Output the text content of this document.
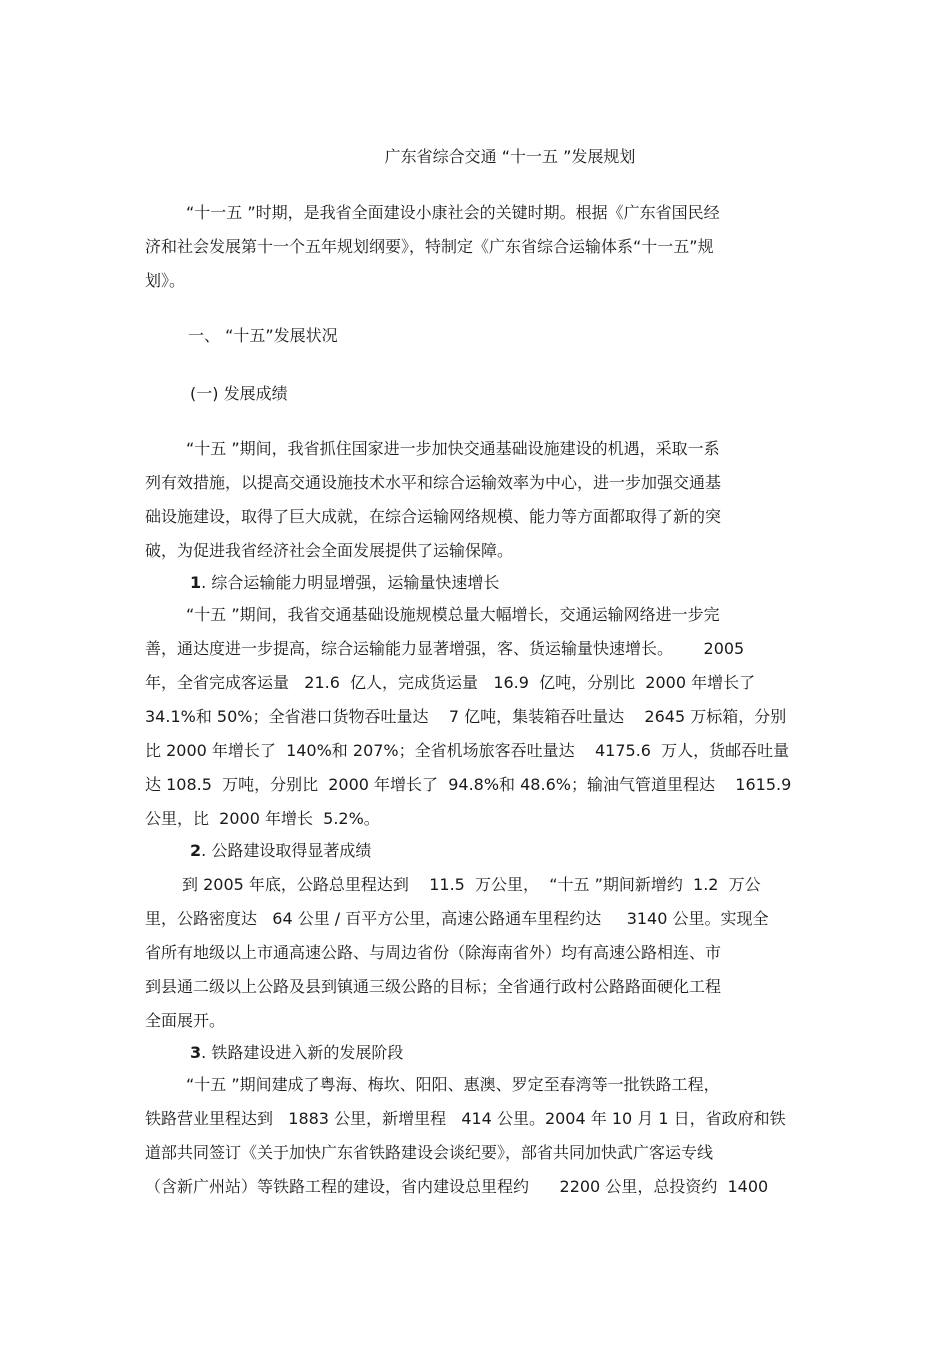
广东省综合交通 “十一五 ”发展规划

“十一五 ”时期，是我省全面建设小康社会的关键时期。根据《广东省国民经

济和社会发展第十一个五年规划纲要》，特制定《广东省综合运输体系“十一五”规

划》。

一、 “十五”发展状况

(一) 发展成绩

“十五 ”期间，我省抓住国家进一步加快交通基础设施建设的机遇，采取一系

列有效措施，以提高交通设施技术水平和综合运输效率为中心，进一步加强交通基

础设施建设，取得了巨大成就，在综合运输网络规模、能力等方面都取得了新的突

破，为促进我省经济社会全面发展提供了运输保障。

1. 综合运输能力明显增强，运输量快速增长

“十五 ”期间，我省交通基础设施规模总量大幅增长，交通运输网络进一步完

善，通达度进一步提高，综合运输能力显著增强，客、货运输量快速增长。      2005

年，全省完成客运量   21.6  亿人，完成货运量   16.9  亿吨，分别比  2000 年增长了

34.1%和 50%；全省港口货物吞吐量达    7 亿吨，集装箱吞吐量达    2645 万标箱，分别

比 2000 年增长了  140%和 207%；全省机场旅客吞吐量达    4175.6  万人，货邮吞吐量

达 108.5  万吨，分别比  2000 年增长了  94.8%和 48.6%；输油气管道里程达    1615.9

公里，比  2000 年增长  5.2%。

2. 公路建设取得显著成绩

到 2005 年底，公路总里程达到    11.5  万公里，  “十五 ”期间新增约  1.2  万公

里，公路密度达   64 公里 / 百平方公里，高速公路通车里程约达     3140 公里。实现全

省所有地级以上市通高速公路、与周边省份（除海南省外）均有高速公路相连、市

到县通二级以上公路及县到镇通三级公路的目标；全省通行政村公路路面硬化工程

全面展开。

3. 铁路建设进入新的发展阶段

“十五 ”期间建成了粤海、梅坎、阳阳、惠澳、罗定至春湾等一批铁路工程，

铁路营业里程达到   1883 公里，新增里程   414 公里。2004 年 10 月 1 日，省政府和铁

道部共同签订《关于加快广东省铁路建设会谈纪要》，部省共同加快武广客运专线

（含新广州站）等铁路工程的建设，省内建设总里程约      2200 公里，总投资约  1400
